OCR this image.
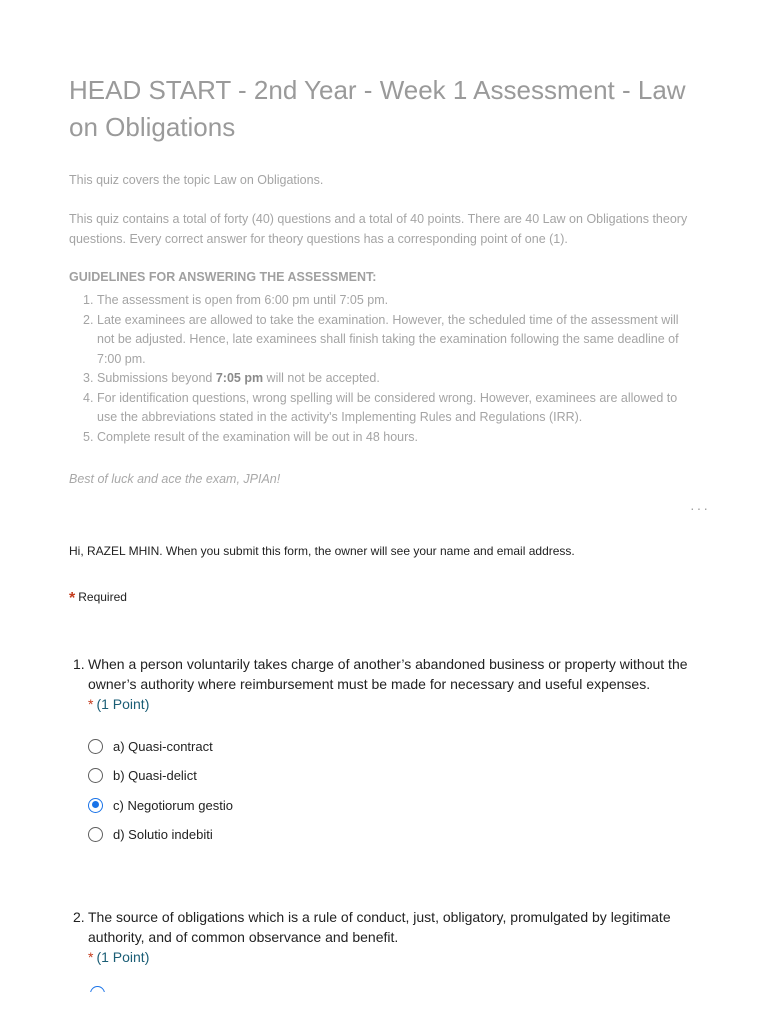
HEAD START - 2nd Year - Week 1 Assessment - Law on Obligations

This quiz covers the topic Law on Obligations.

This quiz contains a total of forty (40) questions and a total of 40 points. There are 40 Law on Obligations theory questions. Every correct answer for theory questions has a corresponding point of one (1).

GUIDELINES FOR ANSWERING THE ASSESSMENT:

1. The assessment is open from 6:00 pm until 7:05 pm.
2. Late examinees are allowed to take the examination. However, the scheduled time of the assessment will not be adjusted. Hence, late examinees shall finish taking the examination following the same deadline of 7:00 pm.
3. Submissions beyond 7:05 pm will not be accepted.
4. For identification questions, wrong spelling will be considered wrong. However, examinees are allowed to use the abbreviations stated in the activity's Implementing Rules and Regulations (IRR).
5. Complete result of the examination will be out in 48 hours.

Best of luck and ace the exam, JPIAn!

···

Hi, RAZEL MHIN. When you submit this form, the owner will see your name and email address.

* Required

1. When a person voluntarily takes charge of another’s abandoned business or property without the owner’s authority where reimbursement must be made for necessary and useful expenses.

* (1 Point)

a) Quasi-contract
b) Quasi-delict
c) Negotiorum gestio
d) Solutio indebiti

2. The source of obligations which is a rule of conduct, just, obligatory, promulgated by legitimate authority, and of common observance and benefit.

* (1 Point)
